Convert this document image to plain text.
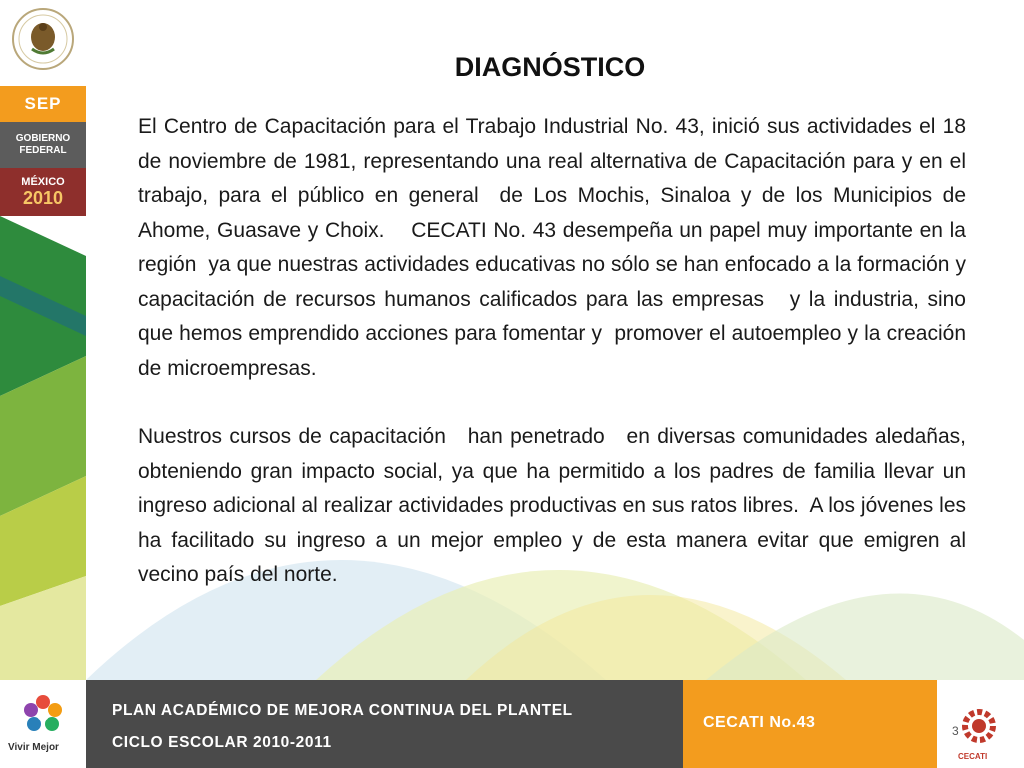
SEP
GOBIERNO
FEDERAL
MÉXICO
2010
DIAGNÓSTICO

El Centro de Capacitación para el Trabajo Industrial No. 43, inició sus actividades el 18 de noviembre de 1981, representando una real alternativa de Capacitación para y en el trabajo, para el público en general  de Los Mochis, Sinaloa y de los Municipios de Ahome, Guasave y Choix.    CECATI No. 43 desempeña un papel muy importante en la región  ya que nuestras actividades educativas no sólo se han enfocado a la formación y capacitación de recursos humanos calificados para las empresas   y la industria, sino que hemos emprendido acciones para fomentar y  promover el autoempleo y la creación de microempresas.

Nuestros cursos de capacitación   han penetrado   en diversas comunidades aledañas, obteniendo gran impacto social, ya que ha permitido a los padres de familia llevar un ingreso adicional al realizar actividades productivas en sus ratos libres.  A los jóvenes les ha facilitado su ingreso a un mejor empleo y de esta manera evitar que emigren al vecino país del norte.

Vivir Mejor
PLAN ACADÉMICO DE MEJORA CONTINUA DEL PLANTEL
CICLO ESCOLAR 2010-2011
CECATI No.43	3
CECATI
